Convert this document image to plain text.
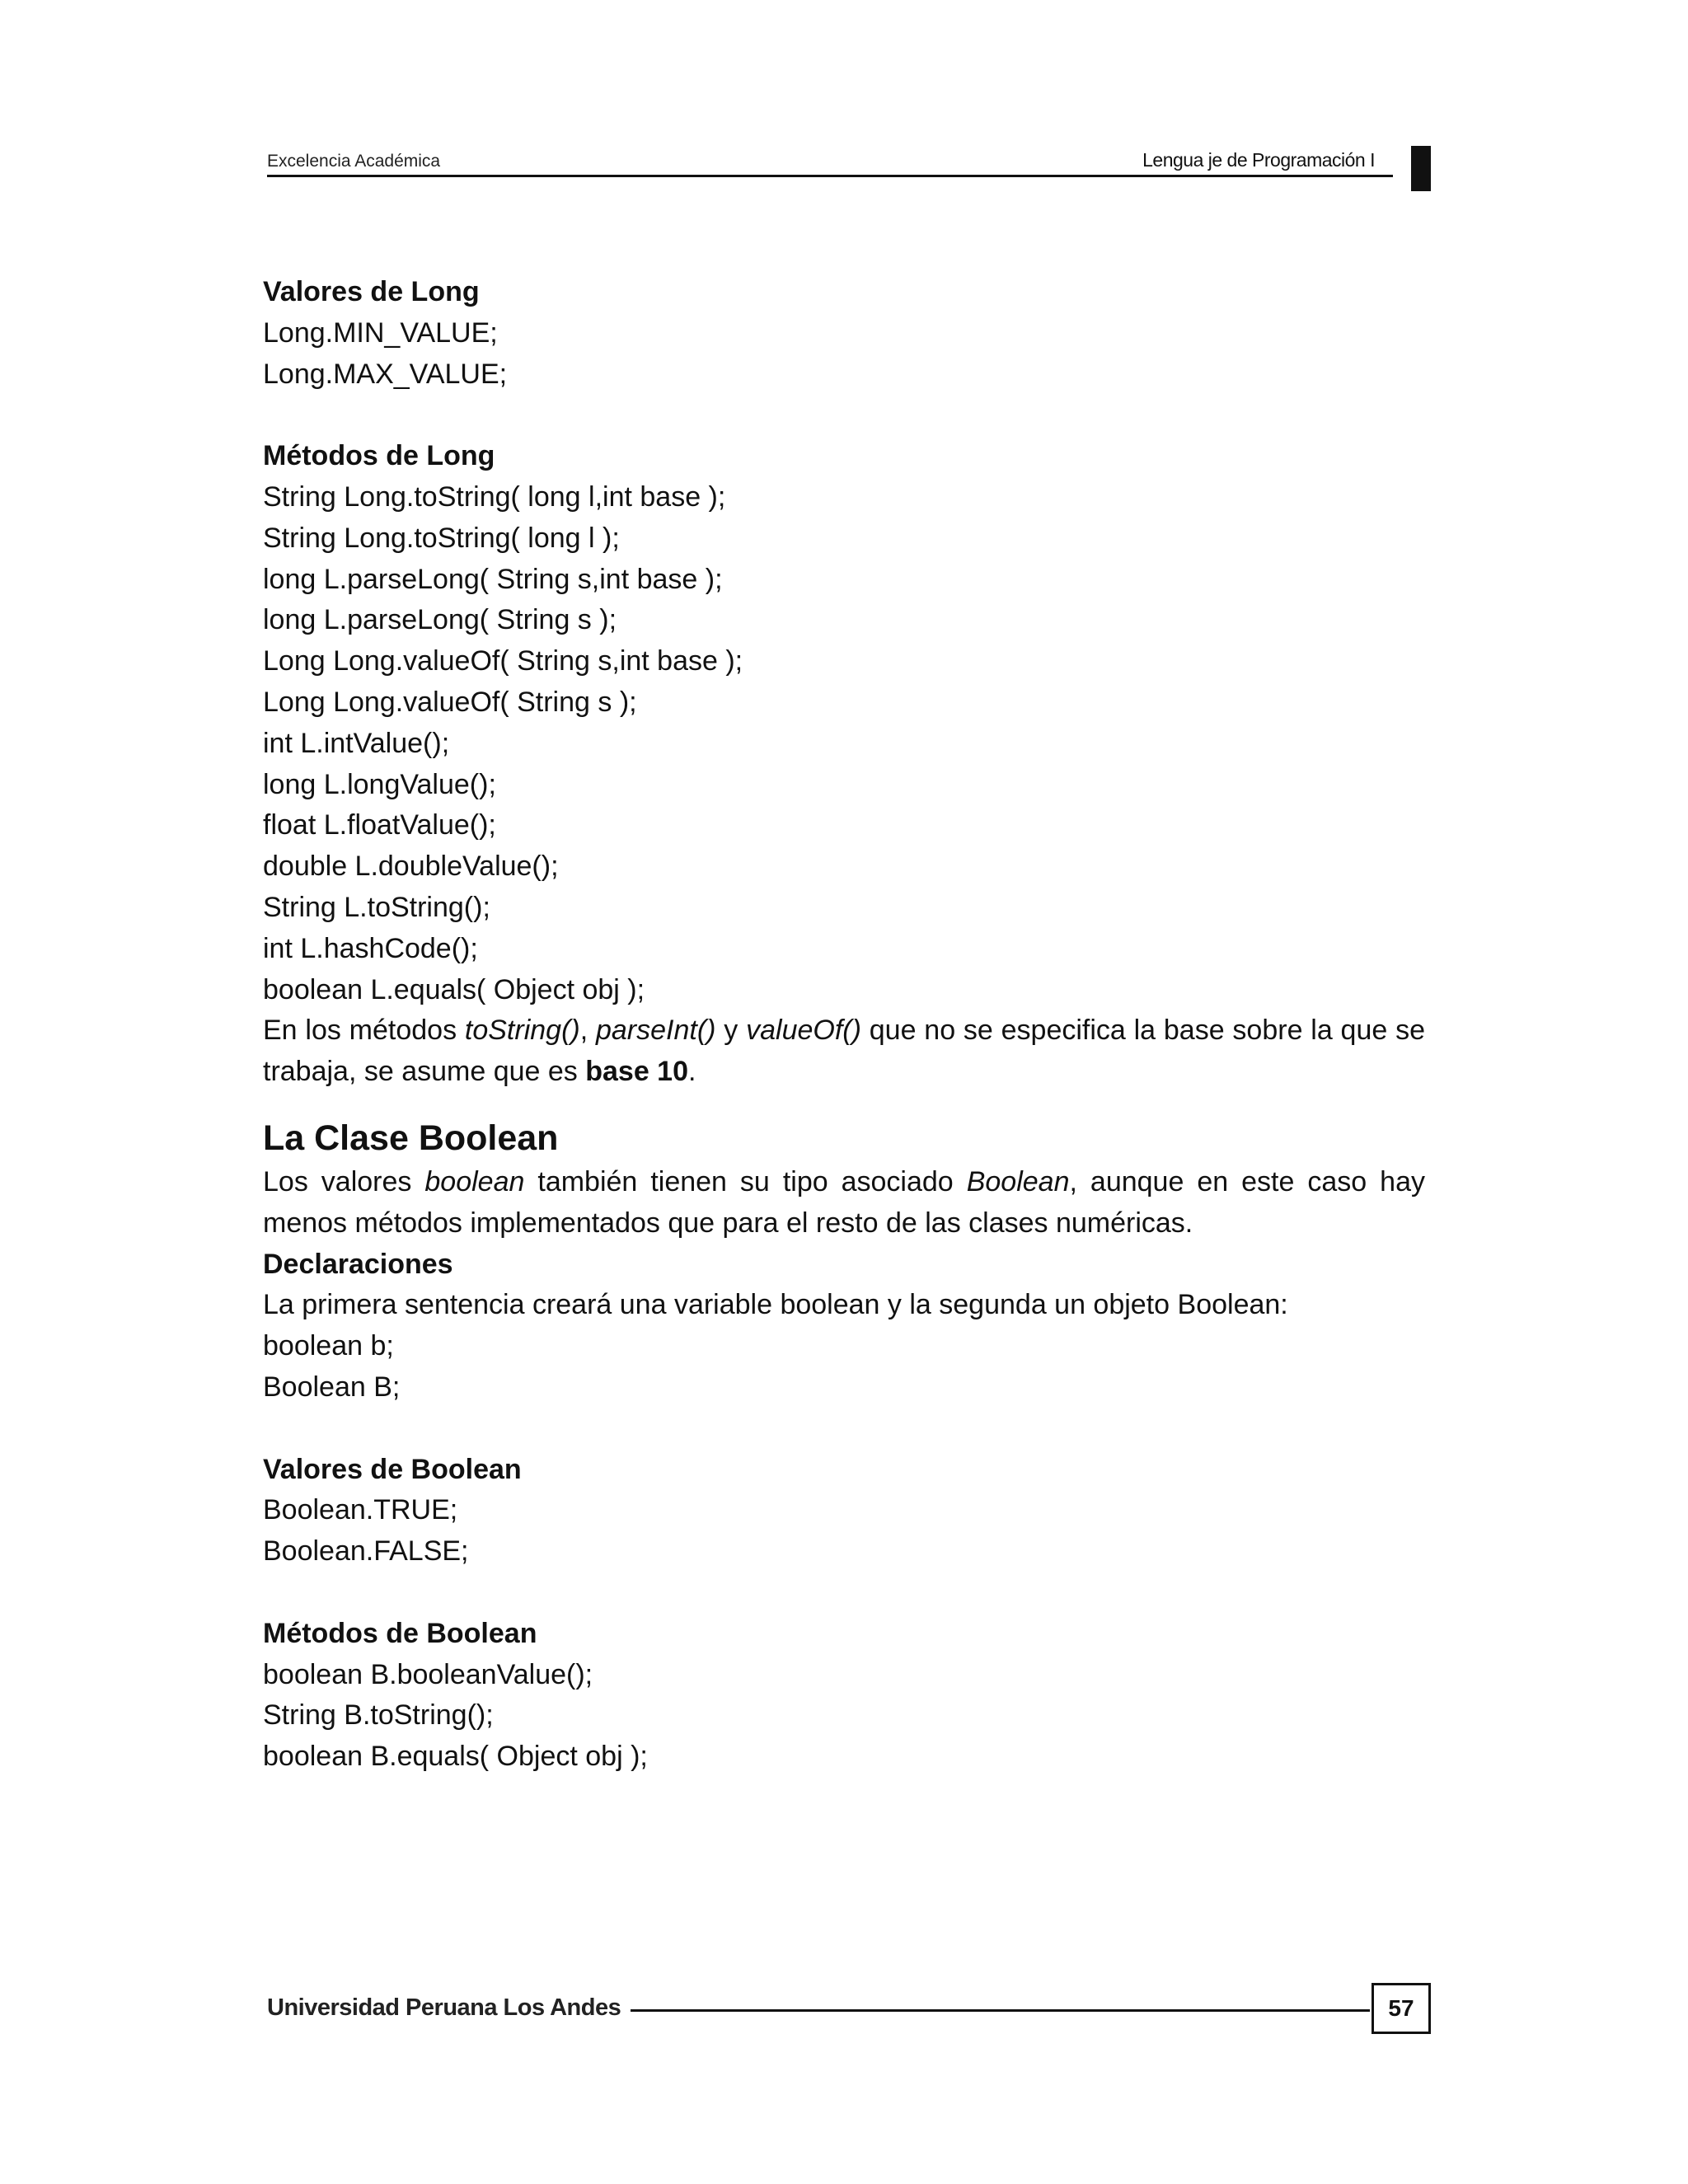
Excelencia Académica	Lengua je de Programación I

Valores de Long

Long.MIN_VALUE;

Long.MAX_VALUE;

Métodos de Long

String Long.toString( long l,int base );

String Long.toString( long l );

long L.parseLong( String s,int base );

long L.parseLong( String s );

Long Long.valueOf( String s,int base );

Long Long.valueOf( String s );

int L.intValue();

long L.longValue();

float L.floatValue();

double L.doubleValue();

String L.toString();

int L.hashCode();

boolean L.equals( Object obj );

En los métodos toString(), parseInt() y valueOf() que no se especifica la base sobre la que se trabaja, se asume que es base 10.

La Clase Boolean

Los valores boolean también tienen su tipo asociado Boolean, aunque en este caso hay menos métodos implementados que para el resto de las clases numéricas.

Declaraciones

La primera sentencia creará una variable boolean y la segunda un objeto Boolean:

boolean b;

Boolean B;

Valores de Boolean

Boolean.TRUE;

Boolean.FALSE;

Métodos de Boolean

boolean B.booleanValue();

String B.toString();

boolean B.equals( Object obj );

Universidad Peruana Los Andes	57
